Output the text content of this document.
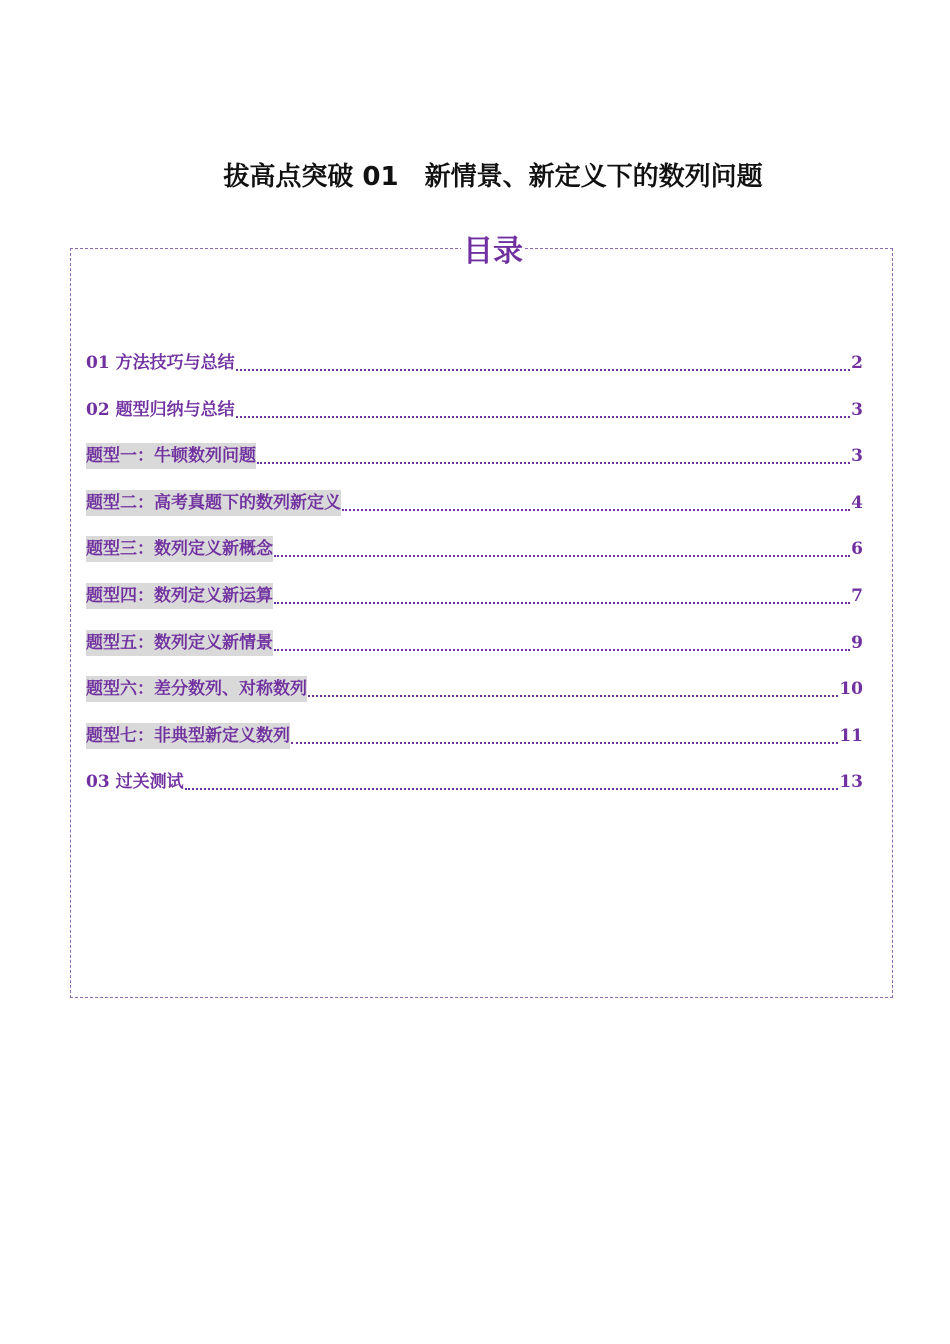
拔高点突破 01　新情景、新定义下的数列问题
目录
01 方法技巧与总结	2
02 题型归纳与总结	3
题型一：牛顿数列问题	3
题型二：高考真题下的数列新定义	4
题型三：数列定义新概念	6
题型四：数列定义新运算	7
题型五：数列定义新情景	9
题型六：差分数列、对称数列	10
题型七：非典型新定义数列	11
03 过关测试	13
